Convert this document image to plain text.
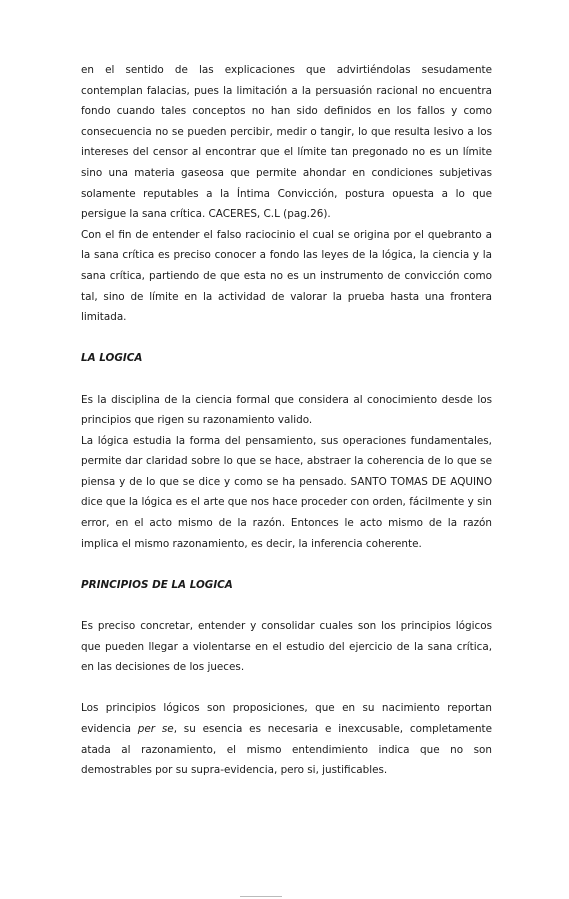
en el sentido de las explicaciones que advirtiéndolas sesudamente contemplan falacias, pues la limitación a la persuasión racional no encuentra fondo cuando tales conceptos no han sido definidos en los fallos y como consecuencia no se pueden percibir, medir o tangir, lo que resulta lesivo a los intereses del censor al encontrar que el límite tan pregonado no es un límite sino una materia gaseosa que permite ahondar en condiciones subjetivas solamente reputables a la Íntima Convicción, postura opuesta a lo que persigue la sana crítica. CACERES, C.L (pag.26).

Con el fin de entender el falso raciocinio el cual se origina por el quebranto a la sana crítica es preciso conocer a fondo las leyes de la lógica, la ciencia y la sana crítica, partiendo de que esta no es un instrumento de convicción como tal, sino de límite en la actividad de valorar la prueba hasta una frontera limitada.

LA LOGICA

Es la disciplina de la ciencia formal que considera al conocimiento desde los principios que rigen su razonamiento valido.

La lógica estudia la forma del pensamiento, sus operaciones fundamentales, permite dar claridad sobre lo que se hace, abstraer la coherencia de lo que se piensa y de lo que se dice y como se ha pensado. SANTO TOMAS DE AQUINO dice que la lógica es el arte que nos hace proceder con orden, fácilmente y sin error, en el acto mismo de la razón. Entonces le acto mismo de la razón implica el mismo razonamiento, es decir, la inferencia coherente.

PRINCIPIOS DE LA LOGICA

Es preciso concretar, entender y consolidar cuales son los principios lógicos que pueden llegar a violentarse en el estudio del ejercicio de la sana crítica, en las decisiones de los jueces.

Los principios lógicos son proposiciones, que en su nacimiento reportan evidencia per se, su esencia es necesaria e inexcusable, completamente atada al razonamiento, el mismo entendimiento indica que no son demostrables por su supra-evidencia, pero si, justificables.
